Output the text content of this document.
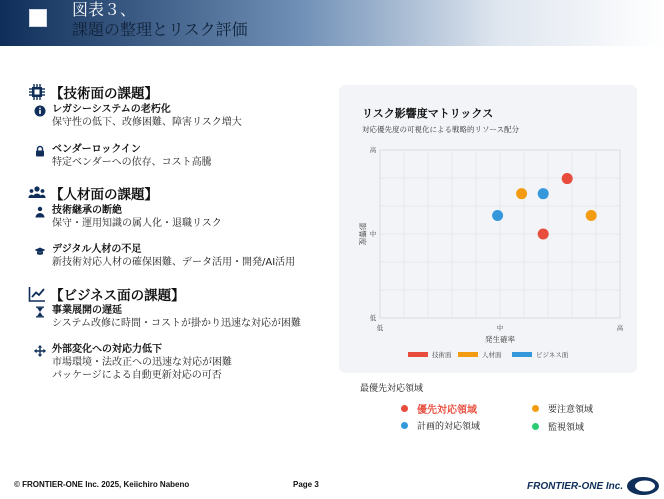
図表３、
課題の整理とリスク評価
【技術面の課題】
レガシーシステムの老朽化
保守性の低下、改修困難、障害リスク増大
ベンダーロックイン
特定ベンダーへの依存、コスト高騰
【人材面の課題】
技術継承の断絶
保守・運用知識の属人化・退職リスク
デジタル人材の不足
新技術対応人材の確保困難、データ活用・開発/AI活用
【ビジネス面の課題】
事業展開の遅延
システム改修に時間・コストが掛かり迅速な対応が困難
外部変化への対応力低下
市場環境・法改正への迅速な対応が困難
パッケージによる自動更新対応の可否
リスク影響度マトリックス
対応優先度の可視化による戦略的リソース配分
発生確率
影響度
低	中	高
高
中
低
技術面	人材面	ビジネス面
最優先対応領域
優先対応領域	要注意領域
計画的対応領域	監視領域
© FRONTIER-ONE Inc. 2025, Keiichiro Nabeno	Page 3	FRONTIER-ONE Inc.
